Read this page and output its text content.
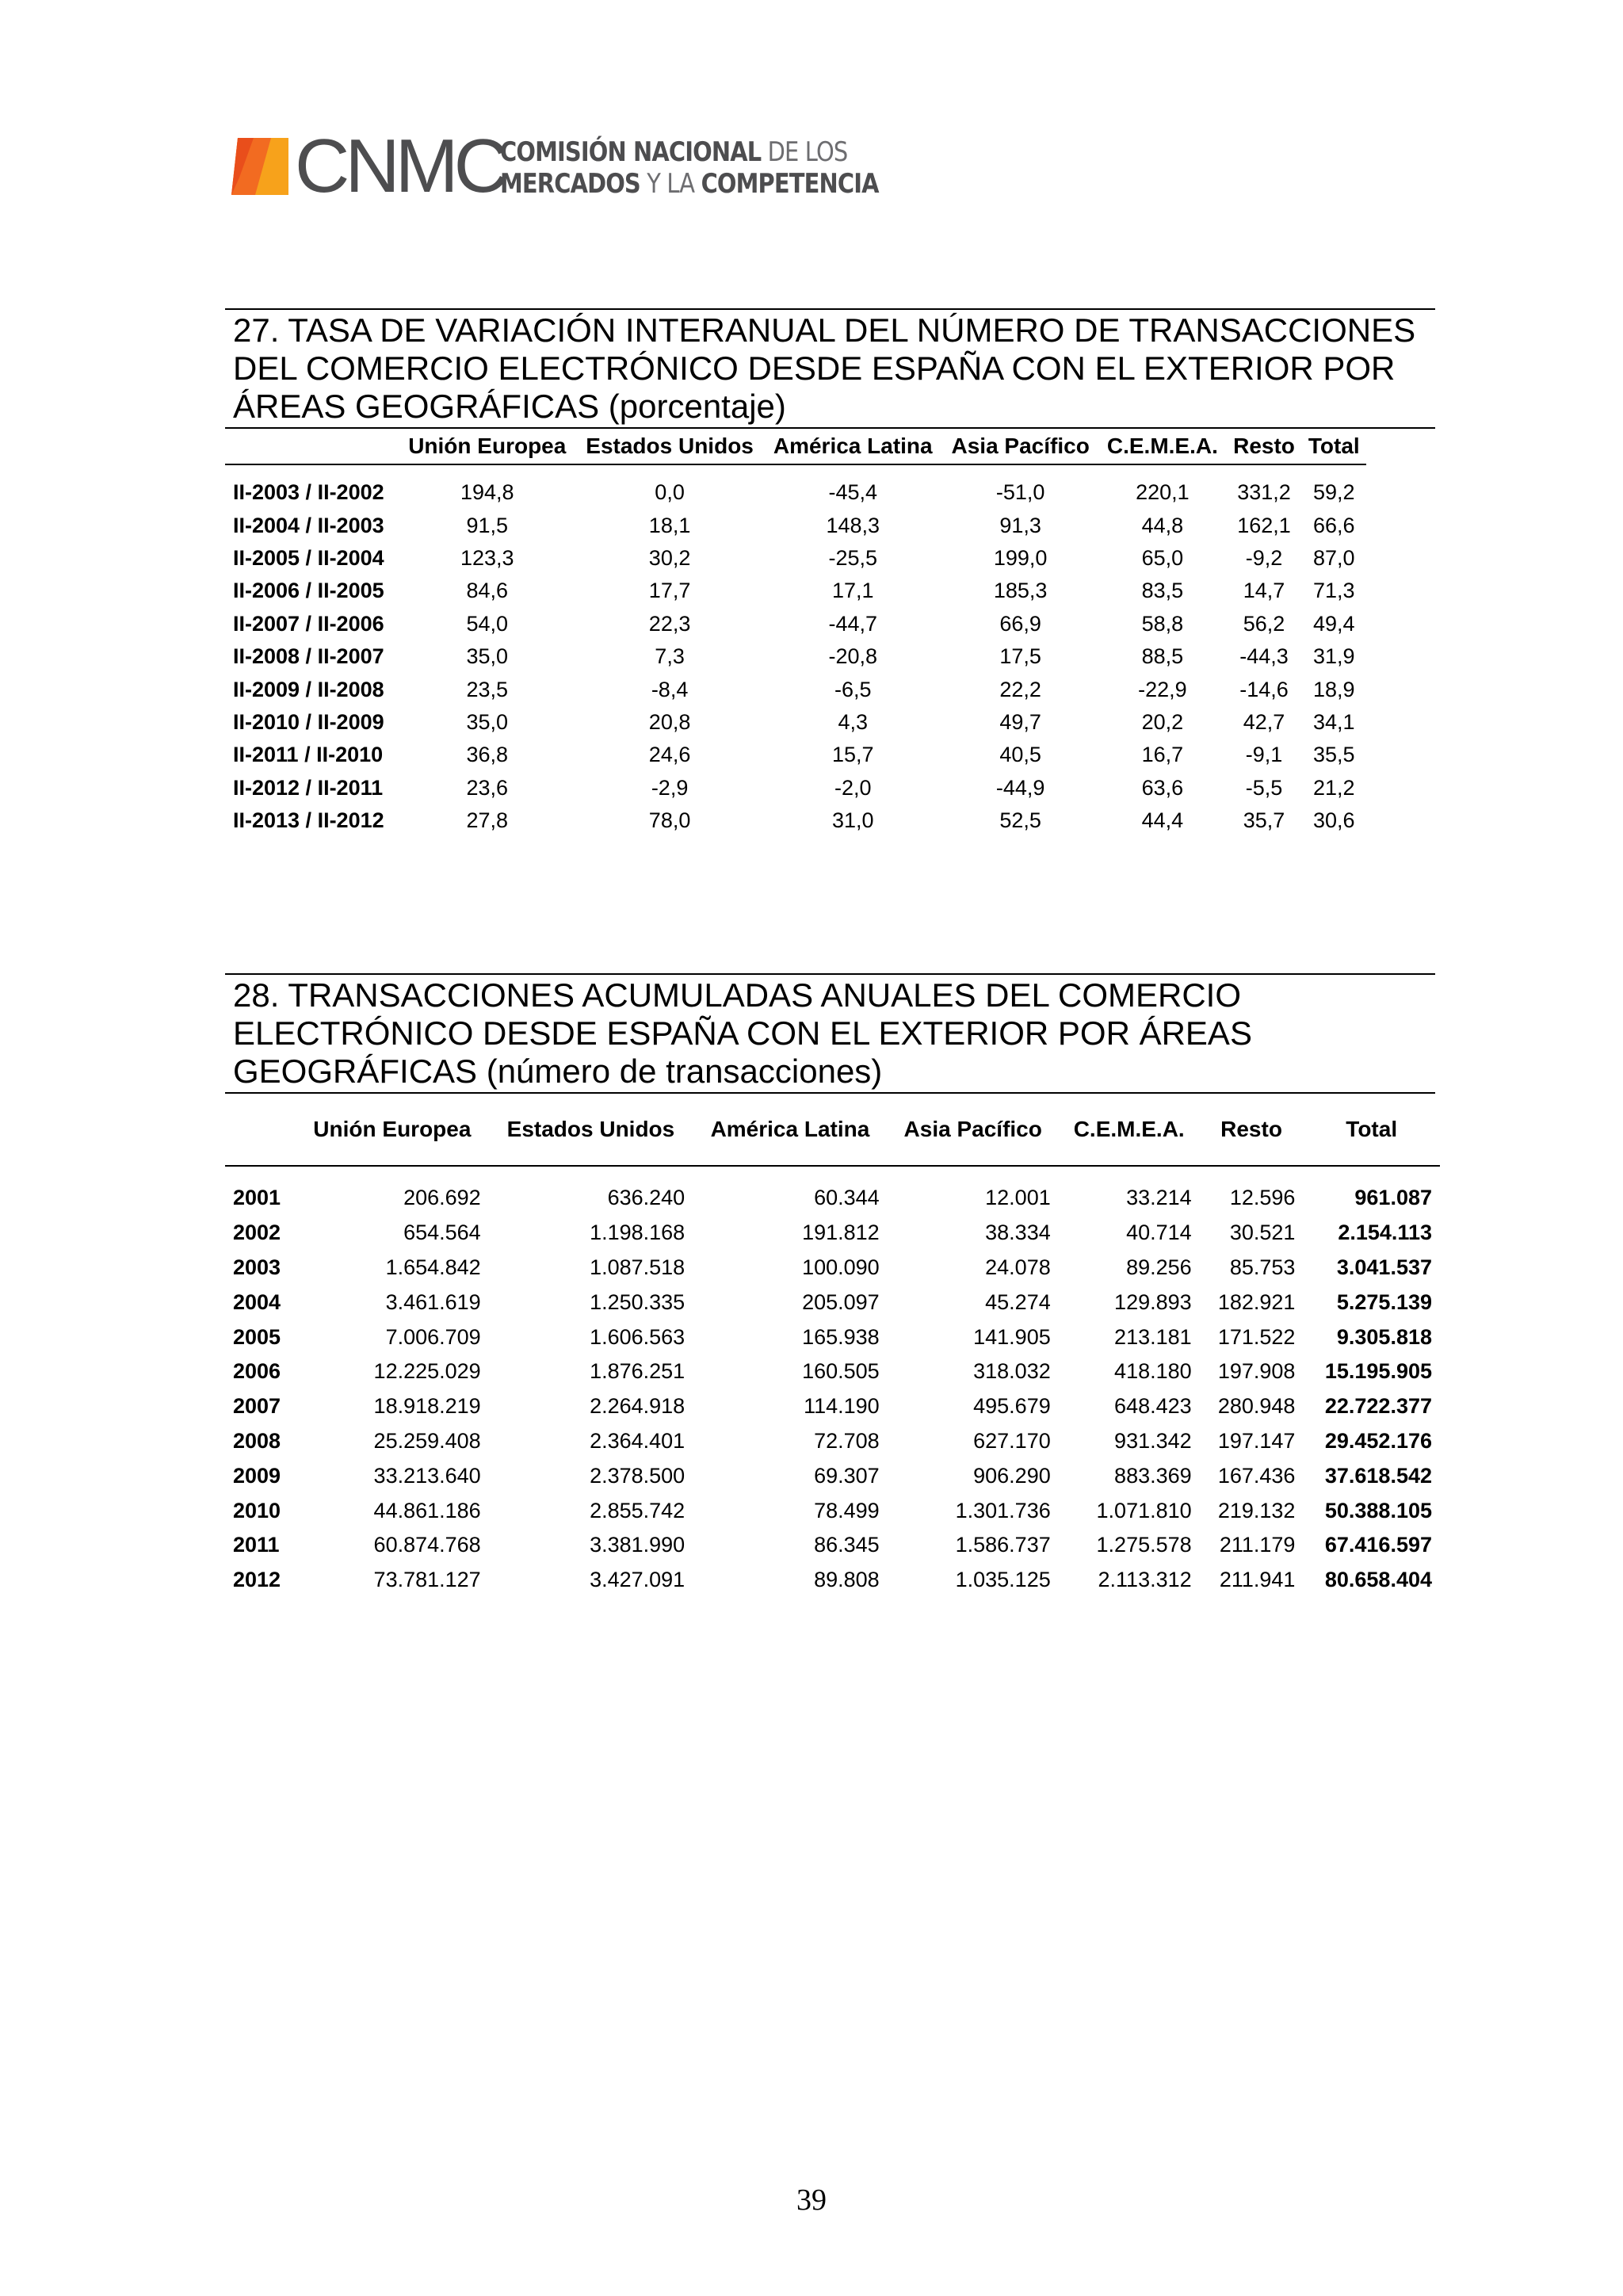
CNMC
COMISIÓN NACIONAL DE LOS
MERCADOS Y LA COMPETENCIA
27. TASA DE VARIACIÓN INTERANUAL DEL NÚMERO DE TRANSACCIONES
DEL COMERCIO ELECTRÓNICO DESDE ESPAÑA CON EL EXTERIOR POR
ÁREAS GEOGRÁFICAS (porcentaje)
	Unión Europea	Estados Unidos	América Latina	Asia Pacífico	C.E.M.E.A.	Resto	Total
II-2003 / II-2002	194,8	0,0	-45,4	-51,0	220,1	331,2	59,2
II-2004 / II-2003	91,5	18,1	148,3	91,3	44,8	162,1	66,6
II-2005 / II-2004	123,3	30,2	-25,5	199,0	65,0	-9,2	87,0
II-2006 / II-2005	84,6	17,7	17,1	185,3	83,5	14,7	71,3
II-2007 / II-2006	54,0	22,3	-44,7	66,9	58,8	56,2	49,4
II-2008 / II-2007	35,0	7,3	-20,8	17,5	88,5	-44,3	31,9
II-2009 / II-2008	23,5	-8,4	-6,5	22,2	-22,9	-14,6	18,9
II-2010 / II-2009	35,0	20,8	4,3	49,7	20,2	42,7	34,1
II-2011 / II-2010	36,8	24,6	15,7	40,5	16,7	-9,1	35,5
II-2012 / II-2011	23,6	-2,9	-2,0	-44,9	63,6	-5,5	21,2
II-2013 / II-2012	27,8	78,0	31,0	52,5	44,4	35,7	30,6
28. TRANSACCIONES ACUMULADAS ANUALES DEL COMERCIO
ELECTRÓNICO DESDE ESPAÑA CON EL EXTERIOR POR ÁREAS
GEOGRÁFICAS (número de transacciones)
	Unión Europea	Estados Unidos	América Latina	Asia Pacífico	C.E.M.E.A.	Resto	Total
2001	206.692	636.240	60.344	12.001	33.214	12.596	961.087
2002	654.564	1.198.168	191.812	38.334	40.714	30.521	2.154.113
2003	1.654.842	1.087.518	100.090	24.078	89.256	85.753	3.041.537
2004	3.461.619	1.250.335	205.097	45.274	129.893	182.921	5.275.139
2005	7.006.709	1.606.563	165.938	141.905	213.181	171.522	9.305.818
2006	12.225.029	1.876.251	160.505	318.032	418.180	197.908	15.195.905
2007	18.918.219	2.264.918	114.190	495.679	648.423	280.948	22.722.377
2008	25.259.408	2.364.401	72.708	627.170	931.342	197.147	29.452.176
2009	33.213.640	2.378.500	69.307	906.290	883.369	167.436	37.618.542
2010	44.861.186	2.855.742	78.499	1.301.736	1.071.810	219.132	50.388.105
2011	60.874.768	3.381.990	86.345	1.586.737	1.275.578	211.179	67.416.597
2012	73.781.127	3.427.091	89.808	1.035.125	2.113.312	211.941	80.658.404
39
